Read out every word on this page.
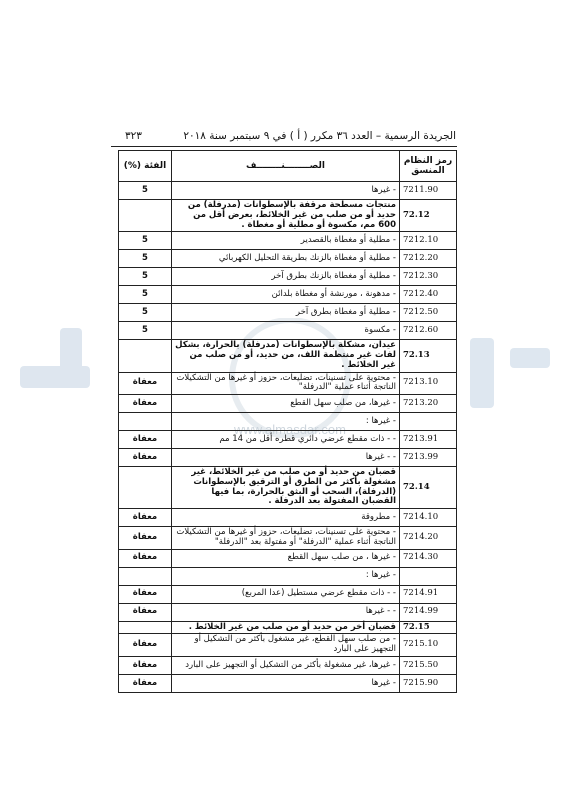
www.almasdar.com
الجريدة الرسمية – العدد ٣٦ مكرر ( أ ) في ٩ سبتمبر سنة ٢٠١٨
٣٢٣
رمز النظام المنسق	الصــــــــنــــــــف	الفئة (%)
7211.90	- غيرها	5
72.12	منتجات مسطحة مرقفة بالإسطوانات (مدرفلة) من حديد أو من صلب من غير الخلائط، بعرض أقل من 600 مم، مكسوة أو مطلية أو مغطاة .	
7212.10	- مطلية أو مغطاة بالقصدير	5
7212.20	- مطلية أو مغطاة بالزنك بطريقة التحليل الكهربائي	5
7212.30	- مطلية أو مغطاة بالزنك بطرق آخر	5
7212.40	- مدهونة ، مورنشة أو مغطاة بلدائن	5
7212.50	- مطلية أو مغطاة بطرق آخر	5
7212.60	- مكسوة	5
72.13	عيدان، مشكلة بالإسطوانات (مدرفلة) بالحرارة، بشكل لفات غير منتظمة اللف، من حديد، أو من صلب من غير الخلائط .	
7213.10	- محتوية على تسنينات، تضليعات، حزوز أو غيرها من التشكيلات الناتجة أثناء عملية "الدرفلة"	معفاة
7213.20	- غيرها، من صلب سهل القطع	معفاة
	- غيرها :	
7213.91	- - ذات مقطع عرضي دائري قطره أقل من 14 مم	معفاة
7213.99	- - غيرها	معفاة
72.14	قضبان من حديد أو من صلب من غير الخلائط، غير مشغولة بأكثر من الطرق أو الترقيق بالإسطوانات (الدرفلة)، السحب أو البثق بالحرارة، بما فيها القضبان المفتولة بعد الدرفلة .	
7214.10	- مطروقة	معفاة
7214.20	- محتوية على تسنينات، تضليعات، حزوز أو غيرها من التشكيلات الناتجة أثناء عملية "الدرفلة" أو مفتولة بعد "الدرفلة"	معفاة
7214.30	- غيرها ، من صلب سهل القطع	معفاة
	- غيرها :	
7214.91	- - ذات مقطع عرضي مستطيل (عدا المربع)	معفاة
7214.99	- - غيرها	معفاة
72.15	قضبان أخر من حديد أو من صلب من غير الخلائط .	
7215.10	- من صلب سهل القطع، غير مشغول بأكثر من التشكيل أو التجهيز على البارد	معفاة
7215.50	- غيرها، غير مشغولة بأكثر من التشكيل أو التجهيز على البارد	معفاة
7215.90	- غيرها	معفاة
